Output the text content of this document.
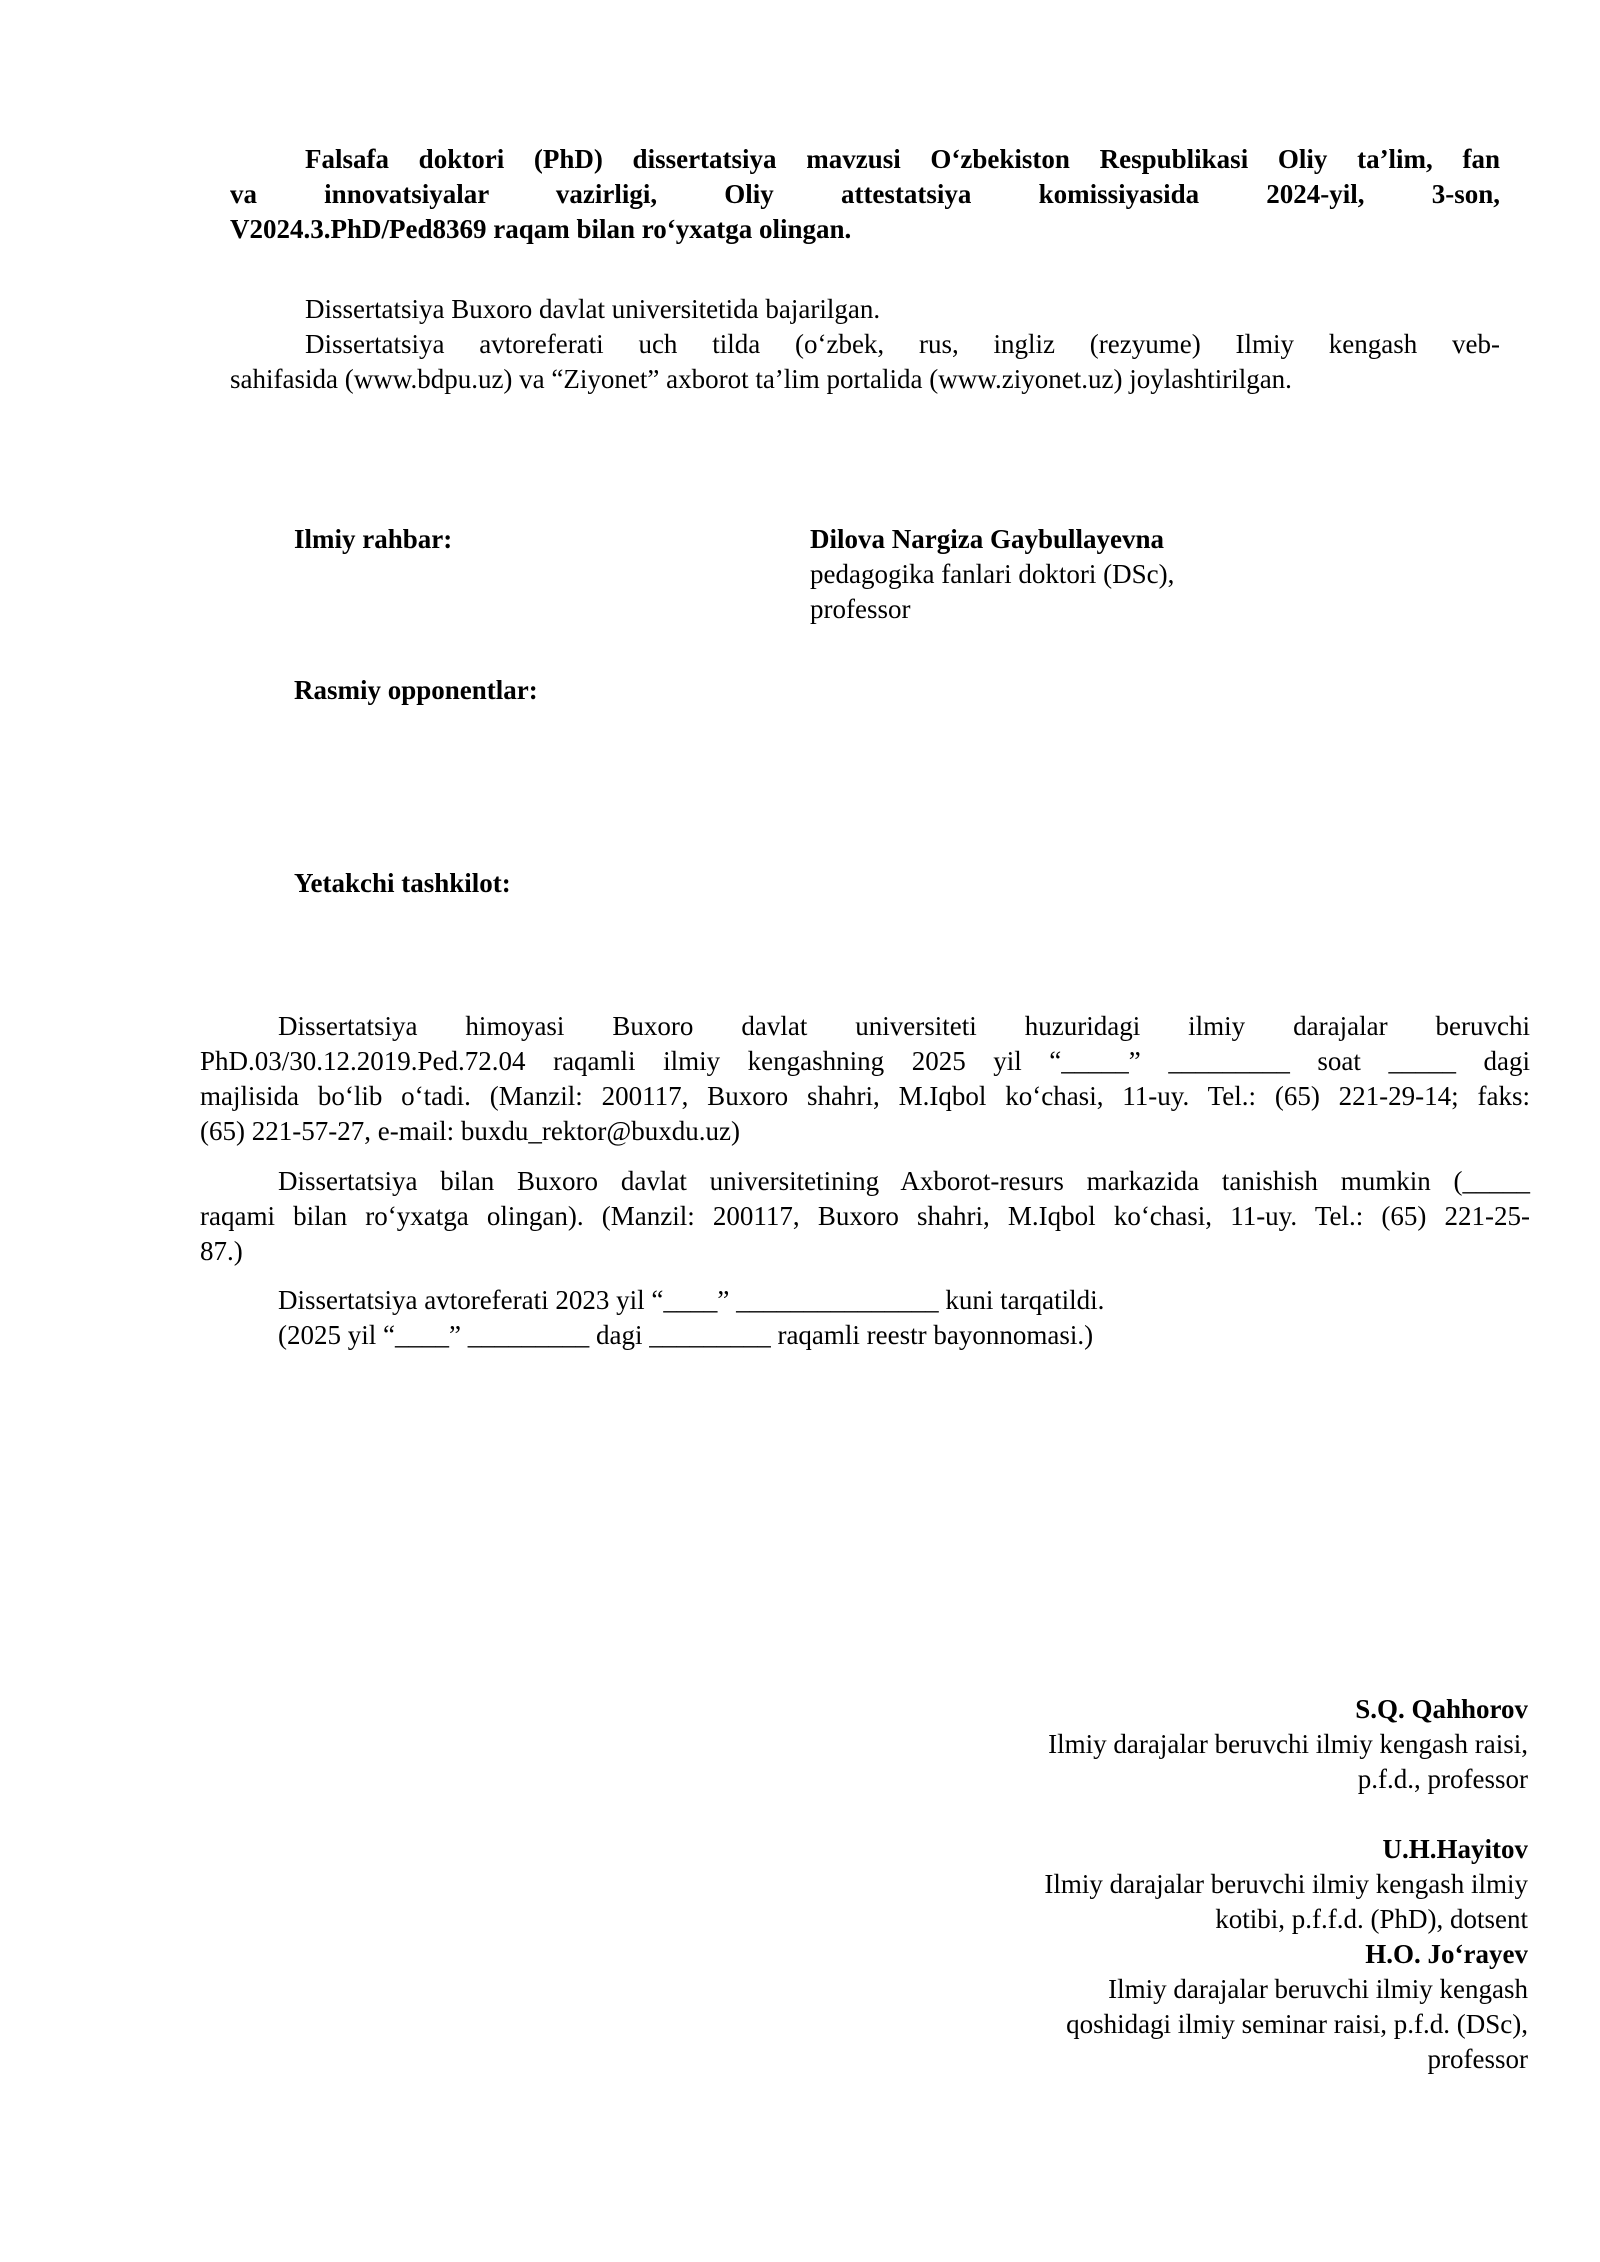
Falsafa doktori (PhD) dissertatsiya mavzusi O‘zbekiston Respublikasi Oliy ta’lim, fan

va innovatsiyalar vazirligi, Oliy attestatsiya komissiyasida 2024-yil, 3-son,

V2024.3.PhD/Ped8369 raqam bilan ro‘yxatga olingan.

Dissertatsiya Buxoro davlat universitetida bajarilgan.

Dissertatsiya avtoreferati uch tilda (o‘zbek, rus, ingliz (rezyume) Ilmiy kengash veb-

sahifasida (www.bdpu.uz) va “Ziyonet” axborot ta’lim portalida (www.ziyonet.uz) joylashtirilgan.

Ilmiy rahbar:	Dilova Nargiza Gaybullayevna
pedagogika fanlari doktori (DSc),
professor
Rasmiy opponentlar:
Yetakchi tashkilot:

Dissertatsiya himoyasi Buxoro davlat universiteti huzuridagi ilmiy darajalar beruvchi

PhD.03/30.12.2019.Ped.72.04 raqamli ilmiy kengashning 2025 yil “_____” _________ soat _____ dagi

majlisida bo‘lib o‘tadi. (Manzil: 200117, Buxoro shahri, M.Iqbol ko‘chasi, 11-uy. Tel.: (65) 221-29-14; faks:

(65) 221-57-27, e-mail: buxdu_rektor@buxdu.uz)

Dissertatsiya bilan Buxoro davlat universitetining Axborot-resurs markazida tanishish mumkin (_____

raqami bilan ro‘yxatga olingan). (Manzil: 200117, Buxoro shahri, M.Iqbol ko‘chasi, 11-uy. Tel.: (65) 221-25-

87.)

Dissertatsiya avtoreferati 2023 yil “____” _______________ kuni tarqatildi.

(2025 yil “____” _________ dagi _________ raqamli reestr bayonnomasi.)

S.Q. Qahhorov
Ilmiy darajalar beruvchi ilmiy kengash raisi,
p.f.d., professor
U.H.Hayitov
Ilmiy darajalar beruvchi ilmiy kengash ilmiy
kotibi, p.f.f.d. (PhD), dotsent
H.O. Jo‘rayev
Ilmiy darajalar beruvchi ilmiy kengash
qoshidagi ilmiy seminar raisi, p.f.d. (DSc),
professor
